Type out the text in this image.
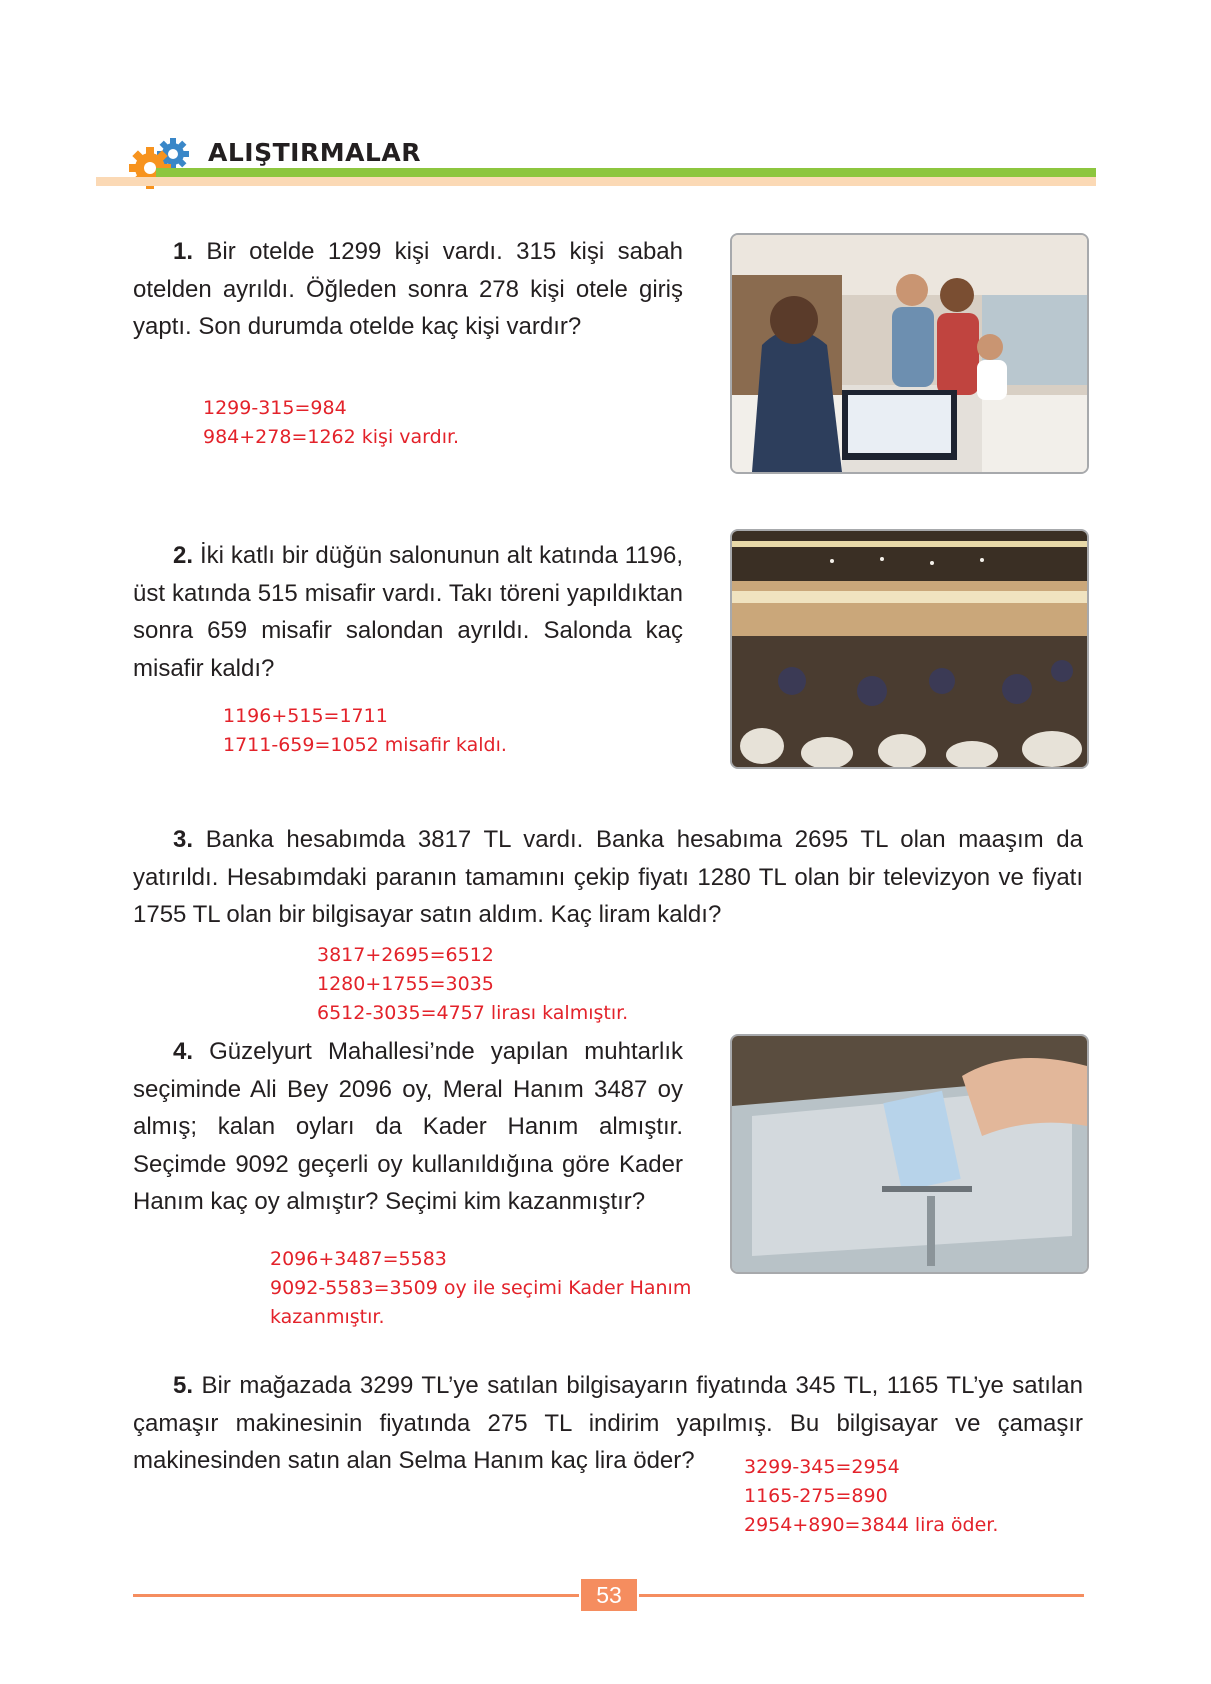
ALIŞTIRMALAR
1. Bir otelde 1299 kişi vardı. 315 kişi sabah otelden ayrıldı. Öğleden sonra 278 kişi otele giriş yaptı. Son durumda otelde kaç kişi vardır?
1299-315=984
984+278=1262 kişi vardır.
2. İki katlı bir düğün salonunun alt katında 1196, üst katında 515 misafir vardı. Takı töreni yapıldıktan sonra 659 misafir salondan ayrıldı. Salonda kaç misafir kaldı?
1196+515=1711
1711-659=1052 misafir kaldı.
3. Banka hesabımda 3817 TL vardı. Banka hesabıma 2695 TL olan maaşım da yatırıldı. Hesabımdaki paranın tamamını çekip fiyatı 1280 TL olan bir televizyon ve fiyatı 1755 TL olan bir bilgisayar satın aldım. Kaç liram kaldı?
3817+2695=6512
1280+1755=3035
6512-3035=4757 lirası kalmıştır.
4. Güzelyurt Mahallesi’nde yapılan muhtarlık seçiminde Ali Bey 2096 oy, Meral Hanım 3487 oy almış; kalan oyları da Kader Hanım almıştır. Seçimde 9092 geçerli oy kullanıldığına göre Kader Hanım kaç oy almıştır? Seçimi kim kazanmıştır?
2096+3487=5583
9092-5583=3509 oy ile seçimi Kader Hanım
kazanmıştır.
5. Bir mağazada 3299 TL’ye satılan bilgisayarın fiyatında 345 TL, 1165 TL’ye satılan çamaşır makinesinin fiyatında 275 TL indirim yapılmış. Bu bilgisayar ve çamaşır makinesinden satın alan Selma Hanım kaç lira öder?	3299-345=2954
1165-275=890
2954+890=3844 lira öder.
53
